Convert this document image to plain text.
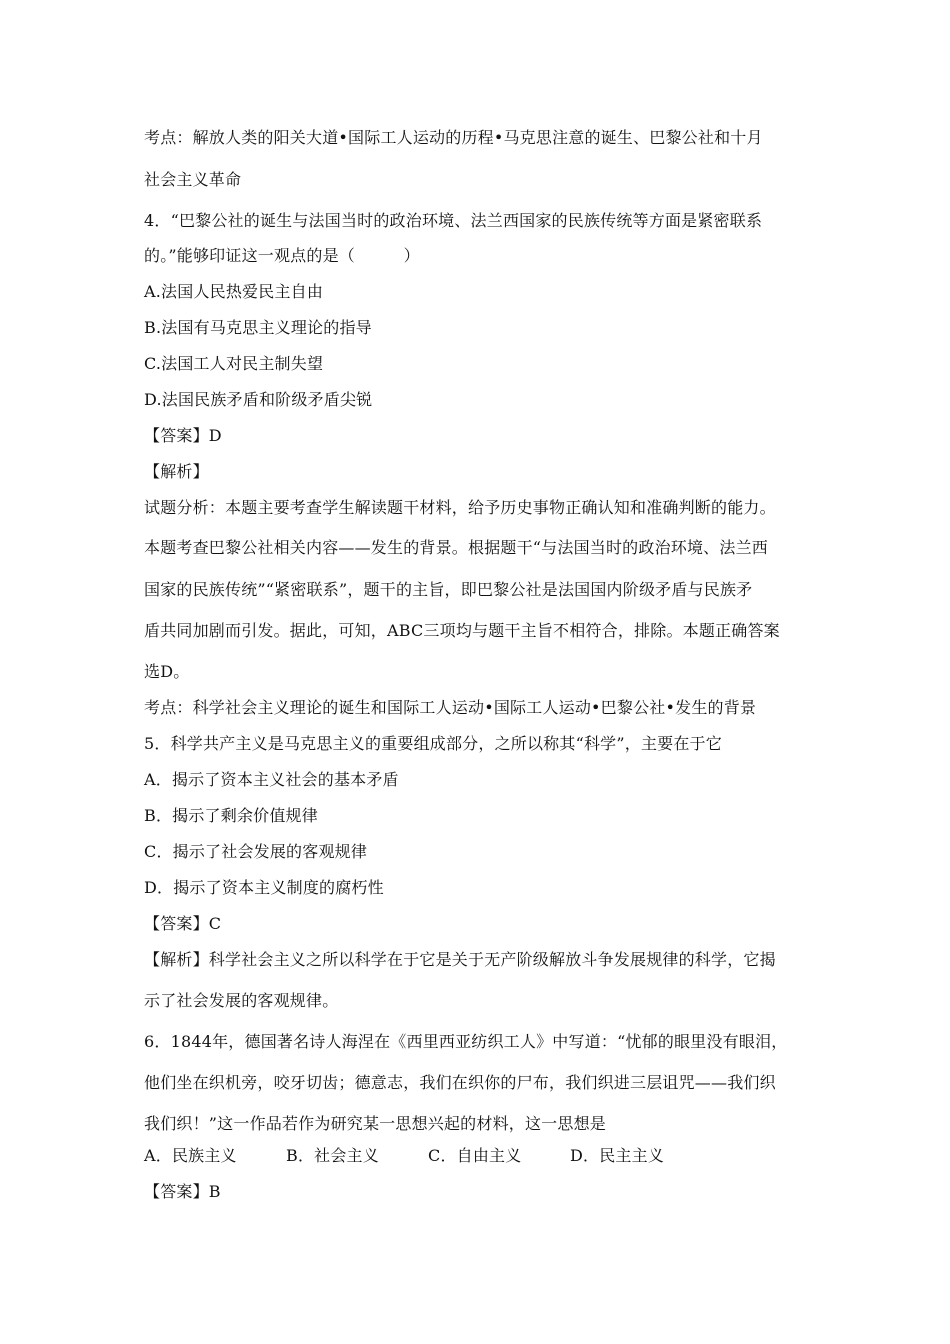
考点：解放人类的阳关大道•国际工人运动的历程•马克思注意的诞生、巴黎公社和十月
社会主义革命
4．“巴黎公社的诞生与法国当时的政治环境、法兰西国家的民族传统等方面是紧密联系
的。”能够印证这一观点的是（　　　）
A.法国人民热爱民主自由
B.法国有马克思主义理论的指导
C.法国工人对民主制失望
D.法国民族矛盾和阶级矛盾尖锐
【答案】D
【解析】
试题分析：本题主要考查学生解读题干材料，给予历史事物正确认知和准确判断的能力。
本题考查巴黎公社相关内容——发生的背景。根据题干“与法国当时的政治环境、法兰西
国家的民族传统”“紧密联系”，题干的主旨，即巴黎公社是法国国内阶级矛盾与民族矛
盾共同加剧而引发。据此，可知，ABC三项均与题干主旨不相符合，排除。本题正确答案
选D。
考点：科学社会主义理论的诞生和国际工人运动•国际工人运动•巴黎公社•发生的背景
5．科学共产主义是马克思主义的重要组成部分，之所以称其“科学”，主要在于它
A．揭示了资本主义社会的基本矛盾
B．揭示了剩余价值规律
C．揭示了社会发展的客观规律
D．揭示了资本主义制度的腐朽性
【答案】C
【解析】科学社会主义之所以科学在于它是关于无产阶级解放斗争发展规律的科学，它揭
示了社会发展的客观规律。
6．1844年，德国著名诗人海涅在《西里西亚纺织工人》中写道：“忧郁的眼里没有眼泪，
他们坐在织机旁，咬牙切齿；德意志，我们在织你的尸布，我们织进三层诅咒——我们织
我们织！”这一作品若作为研究某一思想兴起的材料，这一思想是
A．民族主义	B．社会主义	C．自由主义	D．民主主义
【答案】B
